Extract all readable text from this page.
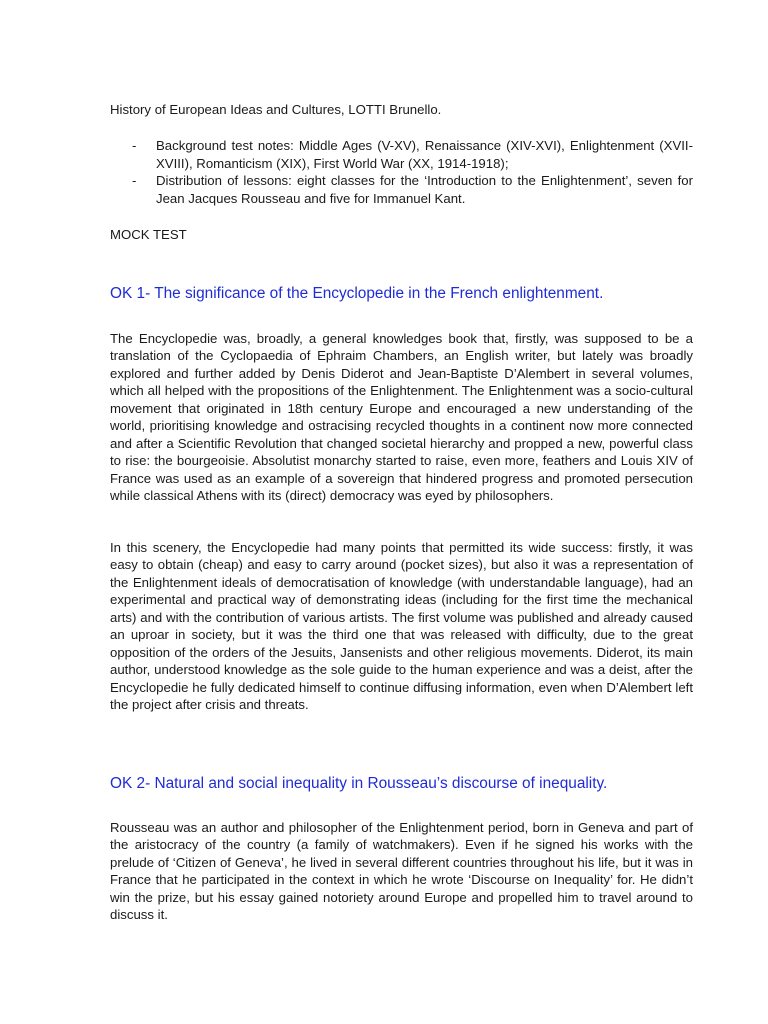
History of European Ideas and Cultures, LOTTI Brunello.
- Background test notes: Middle Ages (V-XV), Renaissance (XIV-XVI), Enlightenment (XVII-XVIII), Romanticism (XIX), First World War (XX, 1914-1918);
- Distribution of lessons: eight classes for the ‘Introduction to the Enlightenment’, seven for Jean Jacques Rousseau and five for Immanuel Kant.
MOCK TEST
OK 1- The significance of the Encyclopedie in the French enlightenment.

The Encyclopedie was, broadly, a general knowledges book that, firstly, was supposed to be a translation of the Cyclopaedia of Ephraim Chambers, an English writer, but lately was broadly explored and further added by Denis Diderot and Jean-Baptiste D’Alembert in several volumes, which all helped with the propositions of the Enlightenment. The Enlightenment was a socio-cultural movement that originated in 18th century Europe and encouraged a new understanding of the world, prioritising knowledge and ostracising recycled thoughts in a continent now more connected and after a Scientific Revolution that changed societal hierarchy and propped a new, powerful class to rise: the bourgeoisie. Absolutist monarchy started to raise, even more, feathers and Louis XIV of France was used as an example of a sovereign that hindered progress and promoted persecution while classical Athens with its (direct) democracy was eyed by philosophers.

In this scenery, the Encyclopedie had many points that permitted its wide success: firstly, it was easy to obtain (cheap) and easy to carry around (pocket sizes), but also it was a representation of the Enlightenment ideals of democratisation of knowledge (with understandable language), had an experimental and practical way of demonstrating ideas (including for the first time the mechanical arts) and with the contribution of various artists. The first volume was published and already caused an uproar in society, but it was the third one that was released with difficulty, due to the great opposition of the orders of the Jesuits, Jansenists and other religious movements. Diderot, its main author, understood knowledge as the sole guide to the human experience and was a deist, after the Encyclopedie he fully dedicated himself to continue diffusing information, even when D’Alembert left the project after crisis and threats.

OK 2- Natural and social inequality in Rousseau’s discourse of inequality.

Rousseau was an author and philosopher of the Enlightenment period, born in Geneva and part of the aristocracy of the country (a family of watchmakers). Even if he signed his works with the prelude of ‘Citizen of Geneva’, he lived in several different countries throughout his life, but it was in France that he participated in the context in which he wrote ‘Discourse on Inequality’ for. He didn’t win the prize, but his essay gained notoriety around Europe and propelled him to travel around to discuss it.
